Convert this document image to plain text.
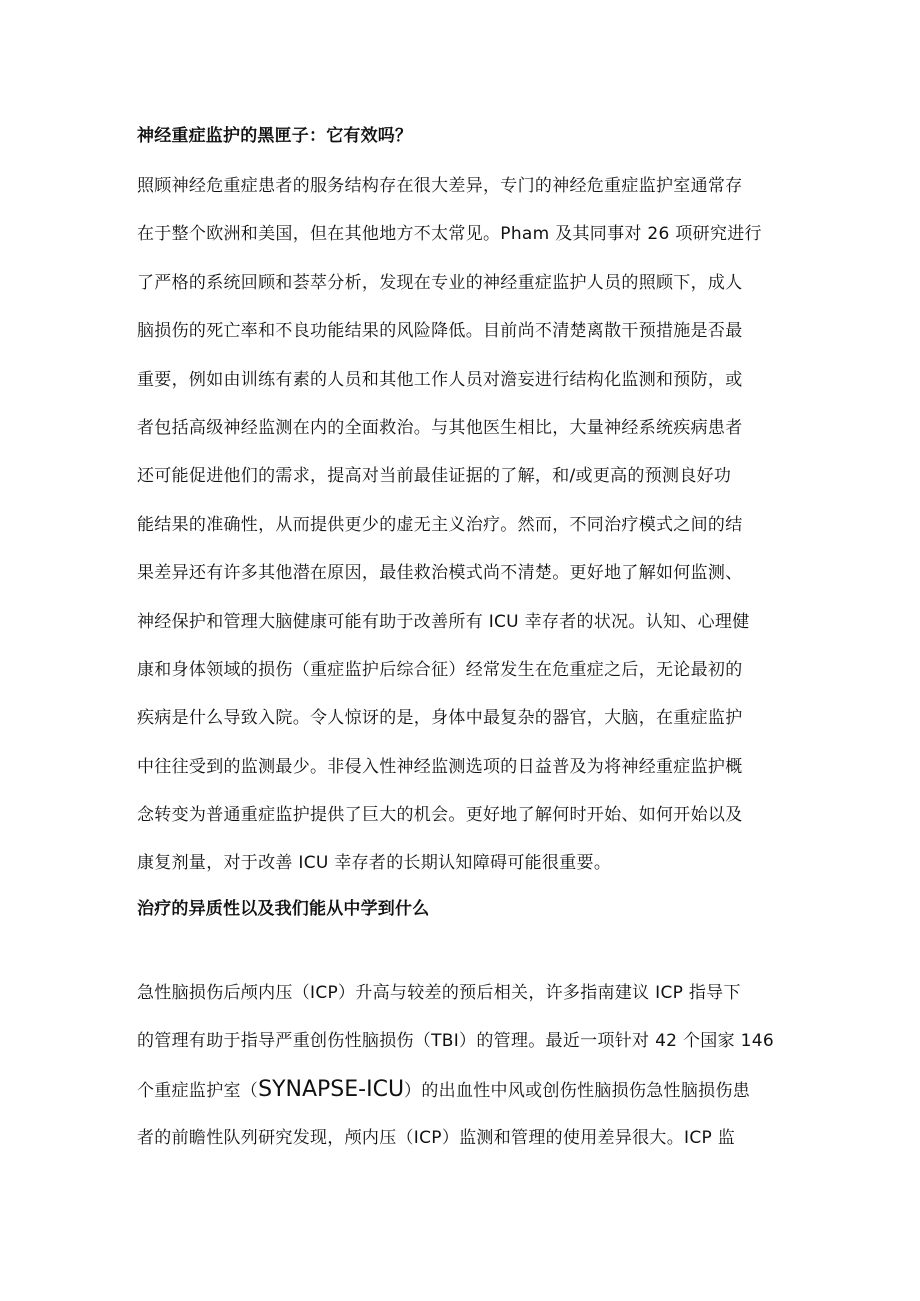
神经重症监护的黑匣子：它有效吗？
照顾神经危重症患者的服务结构存在很大差异，专门的神经危重症监护室通常存
在于整个欧洲和美国，但在其他地方不太常见。Pham 及其同事对 26 项研究进行
了严格的系统回顾和荟萃分析，发现在专业的神经重症监护人员的照顾下，成人
脑损伤的死亡率和不良功能结果的风险降低。目前尚不清楚离散干预措施是否最
重要，例如由训练有素的人员和其他工作人员对澹妄进行结构化监测和预防，或
者包括高级神经监测在内的全面救治。与其他医生相比，大量神经系统疾病患者
还可能促进他们的需求，提高对当前最佳证据的了解，和/或更高的预测良好功
能结果的准确性，从而提供更少的虚无主义治疗。然而，不同治疗模式之间的结
果差异还有许多其他潜在原因，最佳救治模式尚不清楚。更好地了解如何监测、
神经保护和管理大脑健康可能有助于改善所有 ICU 幸存者的状况。认知、心理健
康和身体领域的损伤（重症监护后综合征）经常发生在危重症之后，无论最初的
疾病是什么导致入院。令人惊讶的是，身体中最复杂的器官，大脑，在重症监护
中往往受到的监测最少。非侵入性神经监测选项的日益普及为将神经重症监护概
念转变为普通重症监护提供了巨大的机会。更好地了解何时开始、如何开始以及
康复剂量，对于改善 ICU 幸存者的长期认知障碍可能很重要。
治疗的异质性以及我们能从中学到什么
急性脑损伤后颅内压（ICP）升高与较差的预后相关，许多指南建议 ICP 指导下
的管理有助于指导严重创伤性脑损伤（TBI）的管理。最近一项针对 42 个国家 146
个重症监护室（SYNAPSE-ICU）的出血性中风或创伤性脑损伤急性脑损伤患
者的前瞻性队列研究发现，颅内压（ICP）监测和管理的使用差异很大。ICP 监
